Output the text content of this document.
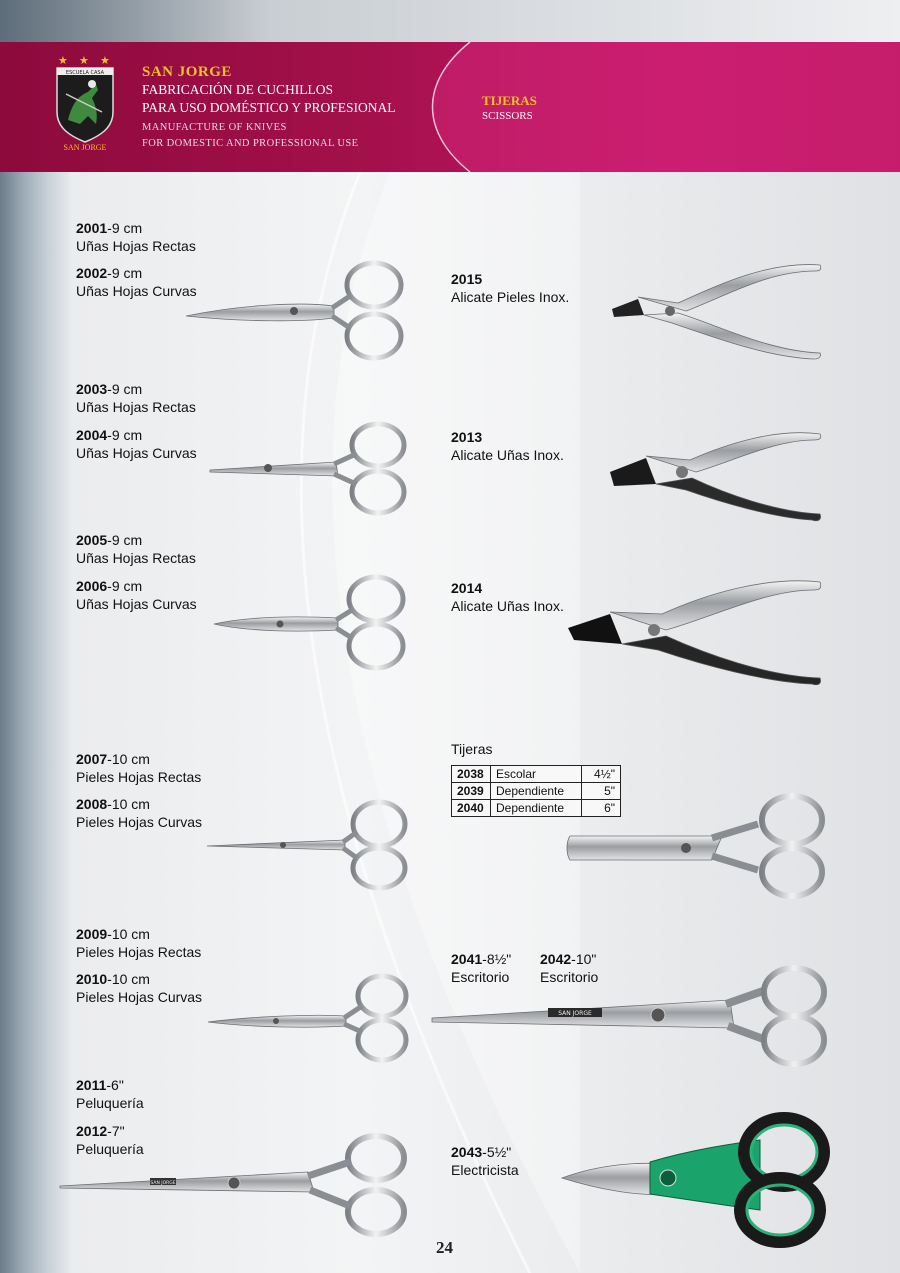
★ ★ ★
ESCUELA CASA
SAN JORGE
SAN JORGE
FABRICACIÓN DE CUCHILLOS
PARA USO DOMÉSTICO Y PROFESIONAL
MANUFACTURE OF KNIVES
FOR DOMESTIC AND PROFESSIONAL USE
TIJERAS
SCISSORS
2001-9 cm
Uñas Hojas Rectas
2002-9 cm
Uñas Hojas Curvas
2003-9 cm
Uñas Hojas Rectas
2004-9 cm
Uñas Hojas Curvas
2005-9 cm
Uñas Hojas Rectas
2006-9 cm
Uñas Hojas Curvas
2007-10 cm
Pieles Hojas Rectas
2008-10 cm
Pieles Hojas Curvas
2009-10 cm
Pieles Hojas Rectas
2010-10 cm
Pieles Hojas Curvas
2011-6"
Peluquería
2012-7"
Peluquería
2015
Alicate Pieles Inox.
2013
Alicate Uñas Inox.
2014
Alicate Uñas Inox.
Tijeras
2038	Escolar	4½"
2039	Dependiente	5"
2040	Dependiente	6"
2041-8½"
Escritorio
2042-10"
Escritorio
2043-5½"
Electricista
SAN JORGE
SAN JORGE
24
